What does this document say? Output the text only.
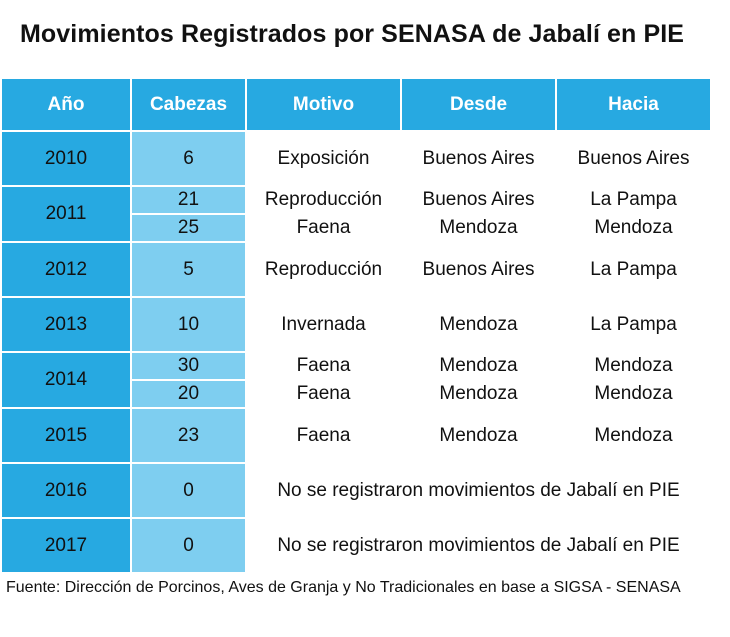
Movimientos Registrados por SENASA de Jabalí en PIE
Año	Cabezas	Motivo	Desde	Hacia
2010	6	Exposición	Buenos Aires	Buenos Aires
2011	21	Reproducción	Buenos Aires	La Pampa
	25	Faena	Mendoza	Mendoza
2012	5	Reproducción	Buenos Aires	La Pampa
2013	10	Invernada	Mendoza	La Pampa
2014	30	Faena	Mendoza	Mendoza
	20	Faena	Mendoza	Mendoza
2015	23	Faena	Mendoza	Mendoza
2016	0	No se registraron movimientos de Jabalí en PIE		
2017	0	No se registraron movimientos de Jabalí en PIE		
Fuente: Dirección de Porcinos, Aves de Granja y No Tradicionales en base a SIGSA - SENASA
